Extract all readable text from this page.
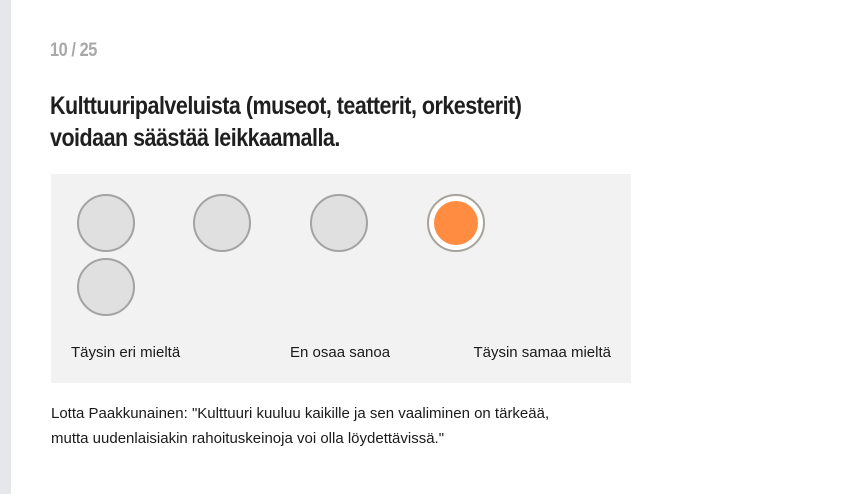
10 / 25
Kulttuuripalveluista (museot, teatterit, orkesterit) voidaan säästää leikkaamalla.
Täysin eri mieltä	En osaa sanoa	Täysin samaa mieltä
Lotta Paakkunainen: "Kulttuuri kuuluu kaikille ja sen vaaliminen on tärkeää,
mutta uudenlaisiakin rahoituskeinoja voi olla löydettävissä."
